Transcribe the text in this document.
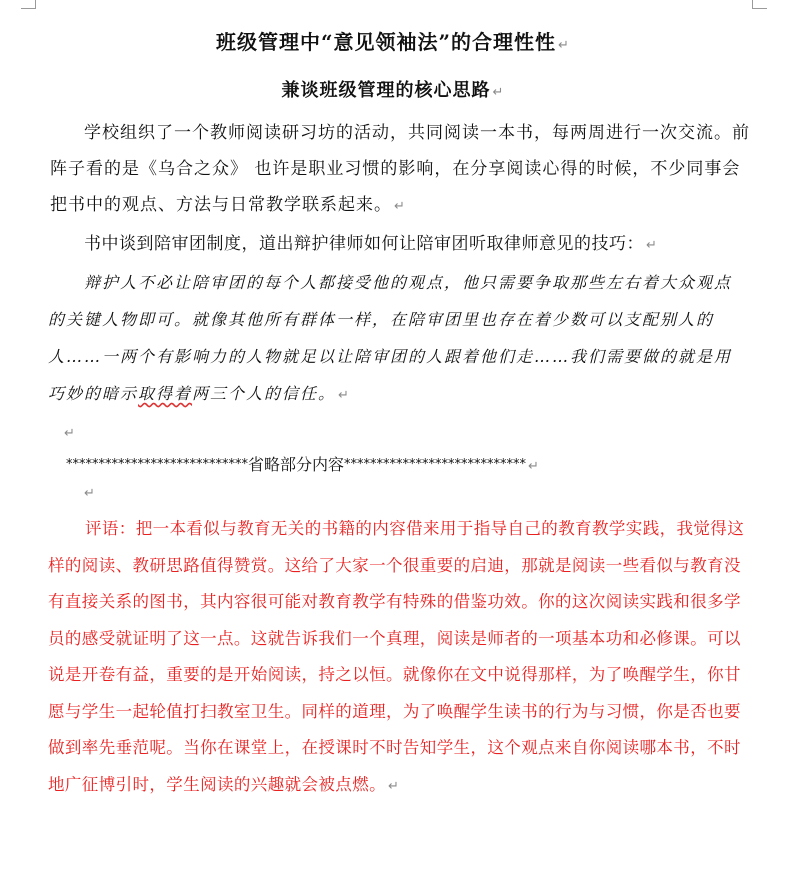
班级管理中“意见领袖法”的合理性性 ↵
兼谈班级管理的核心思路 ↵

学校组织了一个教师阅读研习坊的活动，共同阅读一本书，每两周进行一次交流。前阵子看的是《乌合之众》 也许是职业习惯的影响，在分享阅读心得的时候，不少同事会把书中的观点、方法与日常教学联系起来。 ↵

书中谈到陪审团制度，道出辩护律师如何让陪审团听取律师意见的技巧： ↵

辩护人不必让陪审团的每个人都接受他的观点，他只需要争取那些左右着大众观点的关键人物即可。就像其他所有群体一样，在陪审团里也存在着少数可以支配别人的人……一两个有影响力的人物就足以让陪审团的人跟着他们走……我们需要做的就是用巧妙的暗示取得着两三个人的信任。 ↵

↵

****************************省略部分内容**************************** ↵

↵

评语：把一本看似与教育无关的书籍的内容借来用于指导自己的教育教学实践，我觉得这样的阅读、教研思路值得赞赏。这给了大家一个很重要的启迪，那就是阅读一些看似与教育没有直接关系的图书，其内容很可能对教育教学有特殊的借鉴功效。你的这次阅读实践和很多学员的感受就证明了这一点。这就告诉我们一个真理，阅读是师者的一项基本功和必修课。可以说是开卷有益，重要的是开始阅读，持之以恒。就像你在文中说得那样，为了唤醒学生，你甘愿与学生一起轮值打扫教室卫生。同样的道理，为了唤醒学生读书的行为与习惯，你是否也要做到率先垂范呢。当你在课堂上，在授课时不时告知学生，这个观点来自你阅读哪本书，不时地广征博引时，学生阅读的兴趣就会被点燃。 ↵
